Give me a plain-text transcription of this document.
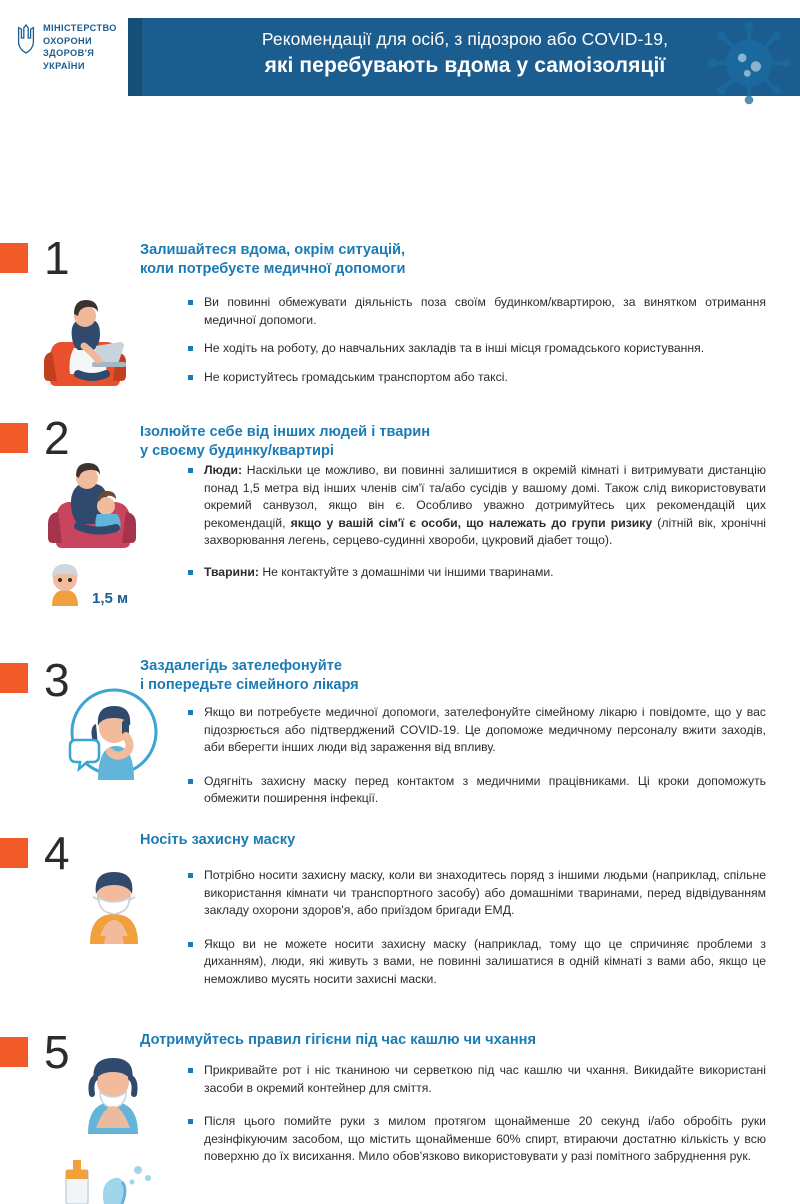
МІНІСТЕРСТВО
ОХОРОНИ
ЗДОРОВ'Я
УКРАЇНИ
Рекомендації для осіб, з підозрою або COVID-19,
які перебувають вдома у самоізоляції
1	Залишайтеся вдома, окрім ситуацій,
коли потребуєте медичної допомоги
Ви повинні обмежувати діяльність поза своїм будинком/квартирою, за винятком отримання медичної допомоги.
Не ходіть на роботу, до навчальних закладів та в інші місця громадського користування.
Не користуйтесь громадським транспортом або таксі.
2	Ізолюйте себе від інших людей і тварин
у своєму будинку/квартирі
1,5 м
Люди: Наскільки це можливо, ви повинні залишитися в окремій кімнаті і витримувати дистанцію понад 1,5 метра від інших членів сім'ї та/або сусідів у вашому домі. Також слід використовувати окремий санвузол, якщо він є. Особливо уважно дотримуйтесь цих рекомендацій цих рекомендацій, якщо у вашій сім'ї є особи, що належать до групи ризику (літній вік, хронічні захворювання легень, серцево-судинні хвороби, цукровий діабет тощо).
Тварини: Не контактуйте з домашніми чи іншими тваринами.
3	Заздалегідь зателефонуйте
і попередьте сімейного лікаря
Якщо ви потребуєте медичної допомоги, зателефонуйте сімейному лікарю і повідомте, що у вас підозрюється або підтверджений COVID-19. Це допоможе медичному персоналу вжити заходів, аби вберегти інших люди від зараження від впливу.
Одягніть захисну маску перед контактом з медичними працівниками. Ці кроки допоможуть обмежити поширення інфекції.
4	Носіть захисну маску
Потрібно носити захисну маску, коли ви знаходитесь поряд з іншими людьми (наприклад, спільне використання кімнати чи транспортного засобу) або домашніми тваринами, перед відвідуванням закладу охорони здоров'я, або приїздом бригади ЕМД.
Якщо ви не можете носити захисну маску (наприклад, тому що це спричиняє проблеми з диханням), люди, які живуть з вами, не повинні залишатися в одній кімнаті з вами або, якщо це неможливо мусять носити захисні маски.
5	Дотримуйтесь правил гігієни під час кашлю чи чхання
Прикривайте рот і ніс тканиною чи серветкою під час кашлю чи чхання. Викидайте використані засоби в окремий контейнер для сміття.
Після цього помийте руки з милом протягом щонайменше 20 секунд і/або обробіть руки дезінфікуючим засобом, що містить щонайменше 60% спирт, втираючи достатню кількість у всю поверхню до їх висихання. Мило обов'язково використовувати у разі помітного забруднення рук.
